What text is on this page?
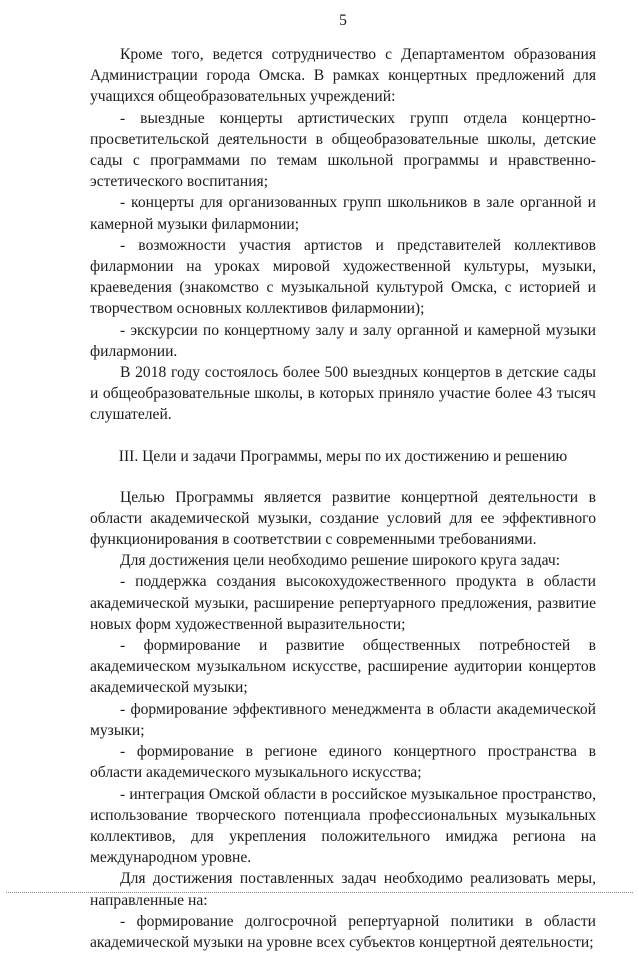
5

Кроме того, ведется сотрудничество с Департаментом образования Администрации города Омска. В рамках концертных предложений для учащихся общеобразовательных учреждений:

- выездные концерты артистических групп отдела концертно-просветительской деятельности в общеобразовательные школы, детские сады с программами по темам школьной программы и нравственно-эстетического воспитания;

- концерты для организованных групп школьников в зале органной и камерной музыки филармонии;

- возможности участия артистов и представителей коллективов филармонии на уроках мировой художественной культуры, музыки, краеведения (знакомство с музыкальной культурой Омска, с историей и творчеством основных коллективов филармонии);

- экскурсии по концертному залу и залу органной и камерной музыки филармонии.

В 2018 году состоялось более 500 выездных концертов в детские сады и общеобразовательные школы, в которых приняло участие более 43 тысяч слушателей.

III. Цели и задачи Программы, меры по их достижению и решению

Целью Программы является развитие концертной деятельности в области академической музыки, создание условий для ее эффективного функционирования в соответствии с современными требованиями.

Для достижения цели необходимо решение широкого круга задач:

- поддержка создания высокохудожественного продукта в области академической музыки, расширение репертуарного предложения, развитие новых форм художественной выразительности;

- формирование и развитие общественных потребностей в академическом музыкальном искусстве, расширение аудитории концертов академической музыки;

- формирование эффективного менеджмента в области академической музыки;

- формирование в регионе единого концертного пространства в области академического музыкального искусства;

- интеграция Омской области в российское музыкальное пространство, использование творческого потенциала профессиональных музыкальных коллективов, для укрепления положительного имиджа региона на международном уровне.

Для достижения поставленных задач необходимо реализовать меры, направленные на:

- формирование долгосрочной репертуарной политики в области академической музыки на уровне всех субъектов концертной деятельности;
